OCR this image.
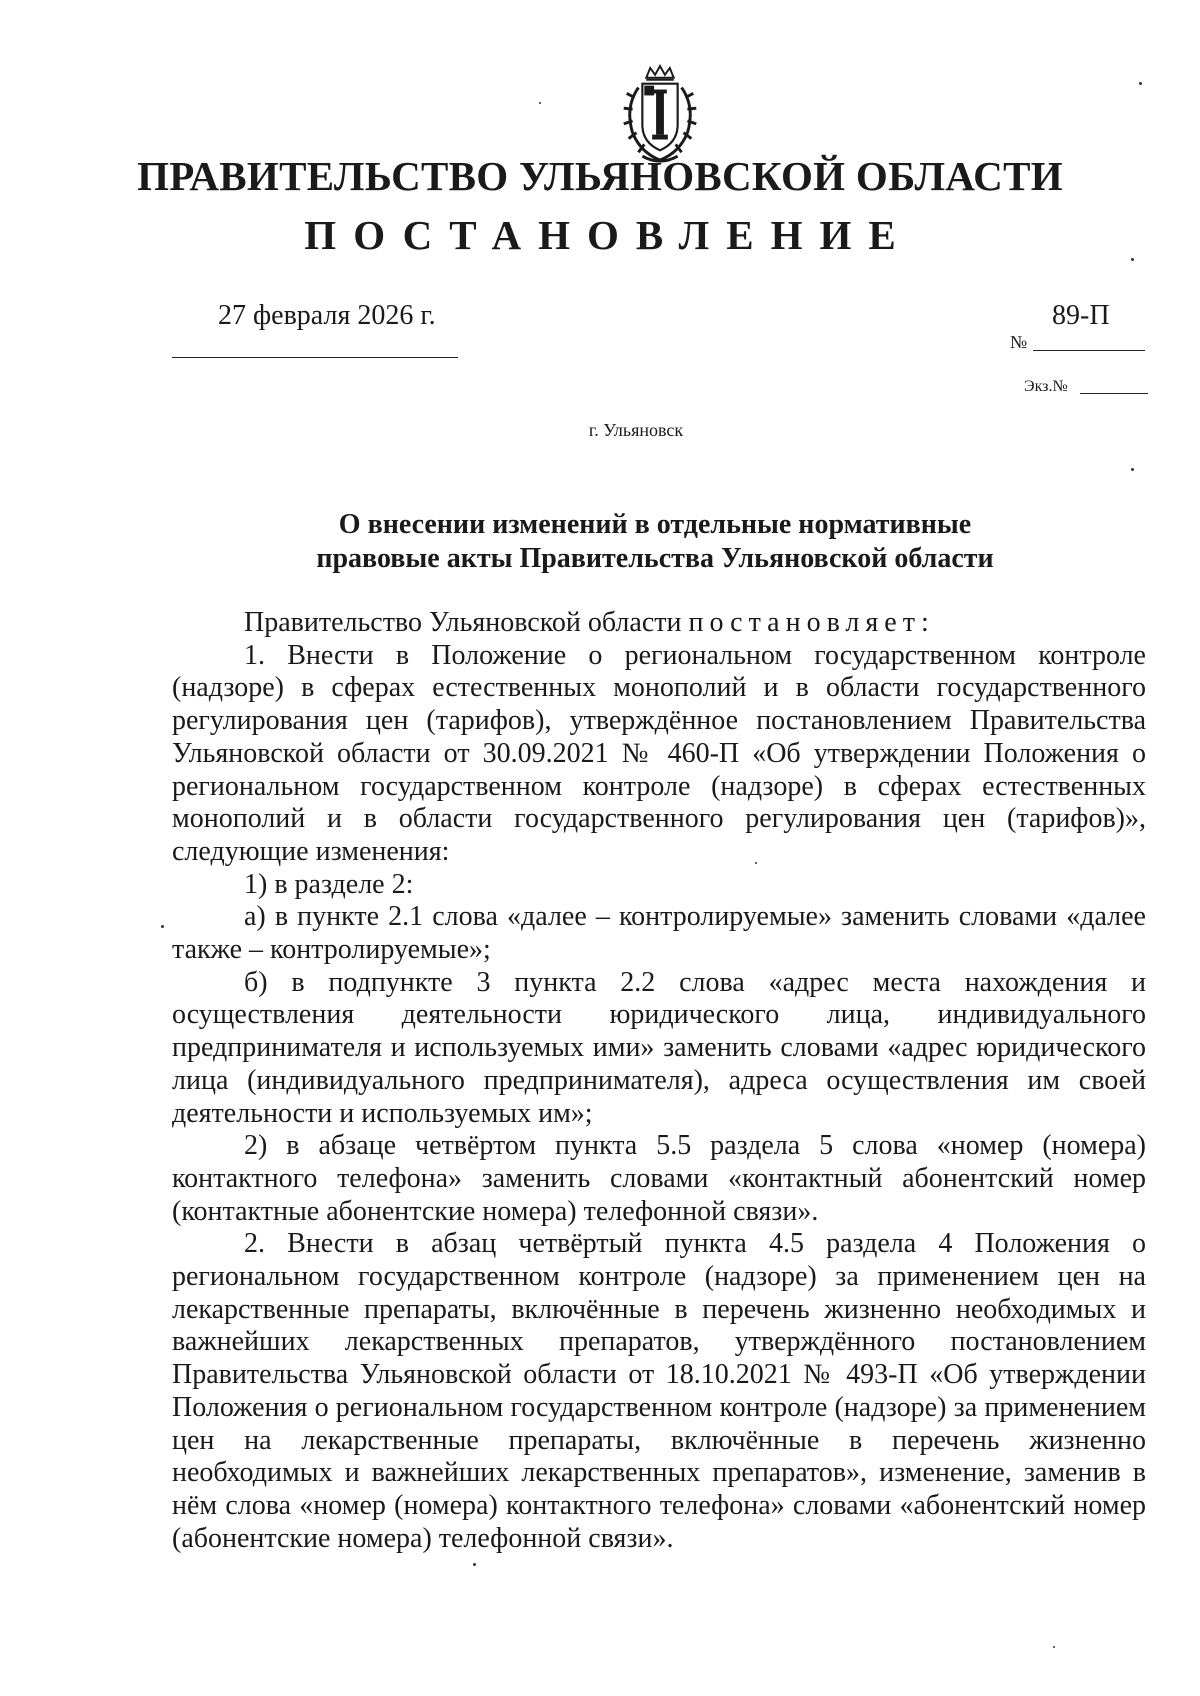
ПРАВИТЕЛЬСТВО УЛЬЯНОВСКОЙ ОБЛАСТИ
ПОСТАНОВЛЕНИЕ
27 февраля 2026 г.	89-П
№
Экз.№
г. Ульяновск
О внесении изменений в отдельные нормативные
правовые акты Правительства Ульяновской области

Правительство Ульяновской области постановляет:

1. Внести в Положение о региональном государственном контроле (надзоре) в сферах естественных монополий и в области государственного регулирования цен (тарифов), утверждённое постановлением Правительства Ульяновской области от 30.09.2021 № 460-П «Об утверждении Положения о региональном государственном контроле (надзоре) в сферах естественных монополий и в области государственного регулирования цен (тарифов)», следующие изменения:

1) в разделе 2:

а) в пункте 2.1 слова «далее – контролируемые» заменить словами «далее также – контролируемые»;

б) в подпункте 3 пункта 2.2 слова «адрес места нахождения и осуществления деятельности юридического лица, индивидуального предпринимателя и используемых ими» заменить словами «адрес юридического лица (индивидуального предпринимателя), адреса осуществления им своей деятельности и используемых им»;

2) в абзаце четвёртом пункта 5.5 раздела 5 слова «номер (номера) контактного телефона» заменить словами «контактный абонентский номер (контактные абонентские номера) телефонной связи».

2. Внести в абзац четвёртый пункта 4.5 раздела 4 Положения о региональном государственном контроле (надзоре) за применением цен на лекарственные препараты, включённые в перечень жизненно необходимых и важнейших лекарственных препаратов, утверждённого постановлением Правительства Ульяновской области от 18.10.2021 № 493-П «Об утверждении Положения о региональном государственном контроле (надзоре) за применением цен на лекарственные препараты, включённые в перечень жизненно необходимых и важнейших лекарственных препаратов», изменение, заменив в нём слова «номер (номера) контактного телефона» словами «абонентский номер (абонентские номера) телефонной связи».
